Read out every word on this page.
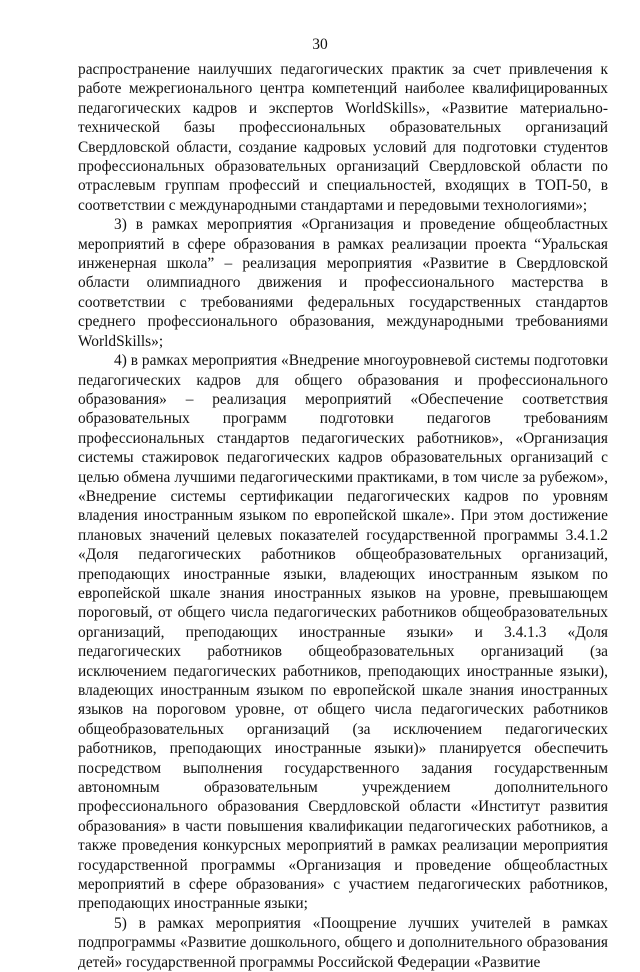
30

распространение наилучших педагогических практик за счет привлечения к работе межрегионального центра компетенций наиболее квалифицированных педагогических кадров и экспертов WorldSkills», «Развитие материально-технической базы профессиональных образовательных организаций Свердловской области, создание кадровых условий для подготовки студентов профессиональных образовательных организаций Свердловской области по отраслевым группам профессий и специальностей, входящих в ТОП-50, в соответствии с международными стандартами и передовыми технологиями»;

3) в рамках мероприятия «Организация и проведение общеобластных мероприятий в сфере образования в рамках реализации проекта “Уральская инженерная школа” – реализация мероприятия «Развитие в Свердловской области олимпиадного движения и профессионального мастерства в соответствии с требованиями федеральных государственных стандартов среднего профессионального образования, международными требованиями WorldSkills»;

4) в рамках мероприятия «Внедрение многоуровневой системы подготовки педагогических кадров для общего образования и профессионального образования» – реализация мероприятий «Обеспечение соответствия образовательных программ подготовки педагогов требованиям профессиональных стандартов педагогических работников», «Организация системы стажировок педагогических кадров образовательных организаций с целью обмена лучшими педагогическими практиками, в том числе за рубежом», «Внедрение системы сертификации педагогических кадров по уровням владения иностранным языком по европейской шкале». При этом достижение плановых значений целевых показателей государственной программы 3.4.1.2 «Доля педагогических работников общеобразовательных организаций, преподающих иностранные языки, владеющих иностранным языком по европейской шкале знания иностранных языков на уровне, превышающем пороговый, от общего числа педагогических работников общеобразовательных организаций, преподающих иностранные языки» и 3.4.1.3 «Доля педагогических работников общеобразовательных организаций (за исключением педагогических работников, преподающих иностранные языки), владеющих иностранным языком по европейской шкале знания иностранных языков на пороговом уровне, от общего числа педагогических работников общеобразовательных организаций (за исключением педагогических работников, преподающих иностранные языки)» планируется обеспечить посредством выполнения государственного задания государственным автономным образовательным учреждением дополнительного профессионального образования Свердловской области «Институт развития образования» в части повышения квалификации педагогических работников, а также проведения конкурсных мероприятий в рамках реализации мероприятия государственной программы «Организация и проведение общеобластных мероприятий в сфере образования» с участием педагогических работников, преподающих иностранные языки;

5) в рамках мероприятия «Поощрение лучших учителей в рамках подпрограммы «Развитие дошкольного, общего и дополнительного образования детей» государственной программы Российской Федерации «Развитие
